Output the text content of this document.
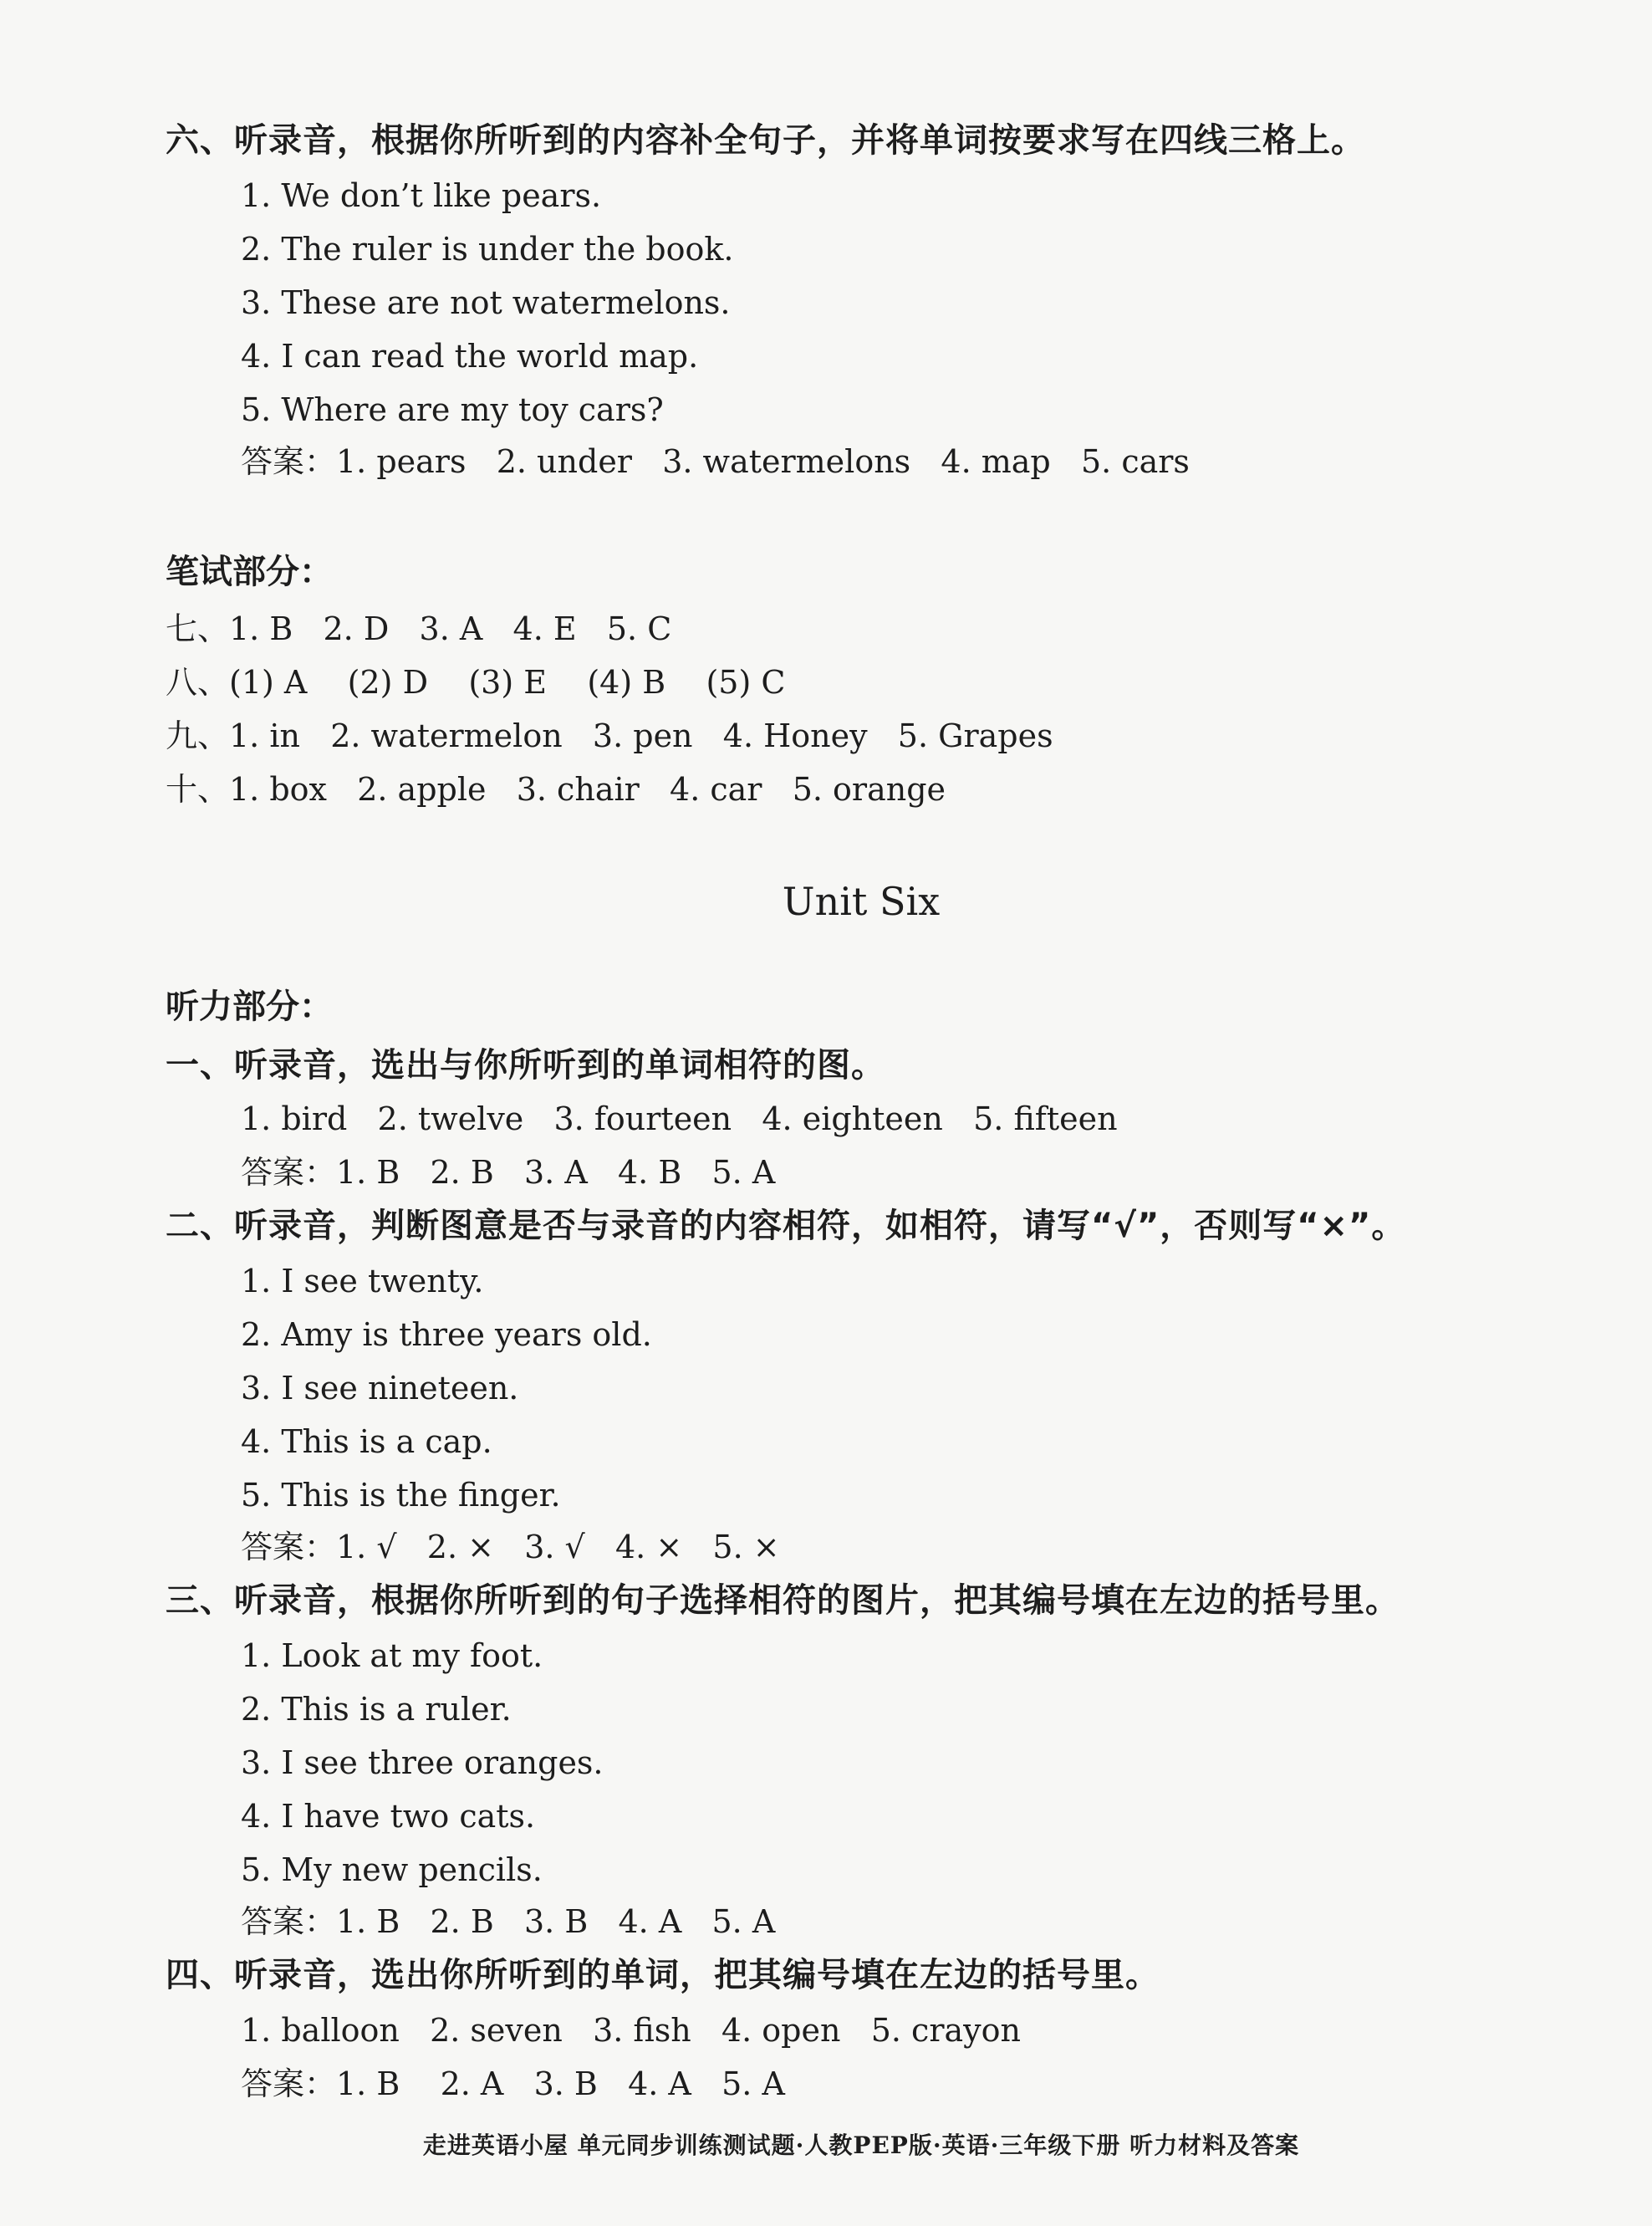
六、听录音，根据你所听到的内容补全句子，并将单词按要求写在四线三格上。
1. We don’t like pears.
2. The ruler is under the book.
3. These are not watermelons.
4. I can read the world map.
5. Where are my toy cars?
答案：1. pears   2. under   3. watermelons   4. map   5. cars
笔试部分：
七、1. B   2. D   3. A   4. E   5. C
八、(1) A    (2) D    (3) E    (4) B    (5) C
九、1. in   2. watermelon   3. pen   4. Honey   5. Grapes
十、1. box   2. apple   3. chair   4. car   5. orange
Unit Six
听力部分：
一、听录音，选出与你所听到的单词相符的图。
1. bird   2. twelve   3. fourteen   4. eighteen   5. fifteen
答案：1. B   2. B   3. A   4. B   5. A
二、听录音，判断图意是否与录音的内容相符，如相符，请写“√”，否则写“×”。
1. I see twenty.
2. Amy is three years old.
3. I see nineteen.
4. This is a cap.
5. This is the finger.
答案：1. √   2. ×   3. √   4. ×   5. ×
三、听录音，根据你所听到的句子选择相符的图片，把其编号填在左边的括号里。
1. Look at my foot.
2. This is a ruler.
3. I see three oranges.
4. I have two cats.
5. My new pencils.
答案：1. B   2. B   3. B   4. A   5. A
四、听录音，选出你所听到的单词，把其编号填在左边的括号里。
1. balloon   2. seven   3. fish   4. open   5. crayon
答案：1. B    2. A   3. B   4. A   5. A
走进英语小屋 单元同步训练测试题·人教PEP版·英语·三年级下册 听力材料及答案
